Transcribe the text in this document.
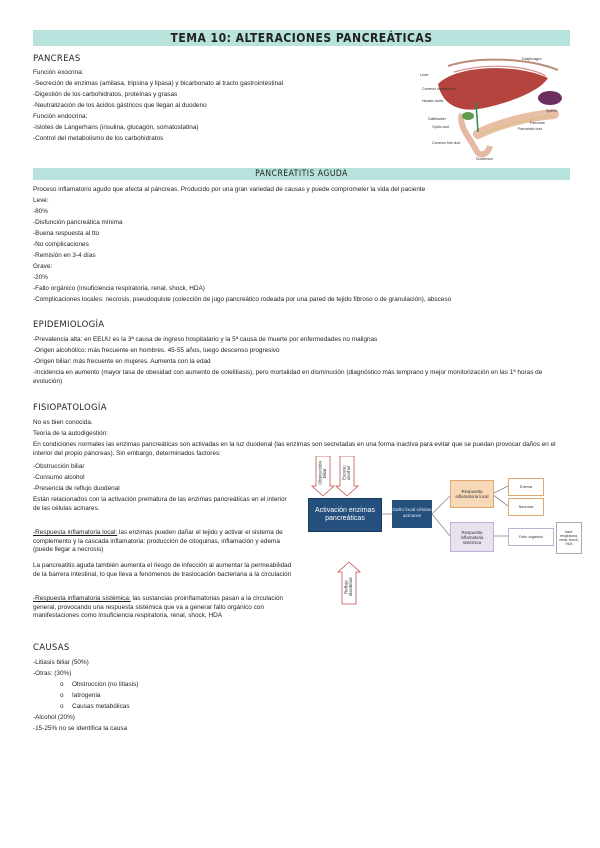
TEMA 10: ALTERACIONES PANCREÁTICAS
PANCREAS
Función exocrina:
-Secreción de enzimas (amilasa, tripsina y lipasa) y bicarbonato al tracto gastrointestinal
-Digestión de los carbohidratos, proteínas y grasas
-Neutralización de los ácidos gástricos que llegan al duodeno
Función endocrina:
-Islotes de Langerhans (insulina, glucagón, somatostatina)
-Control del metabolismo de los carbohidratos
Liver
Common hepatic duct
Hepatic ducts
Diaphragm
Spleen
Gallbladder
Cystic duct	Pancreatic duct
Common bile duct
Pancreas
Duodenum
PANCREATITIS AGUDA
Proceso inflamatorio agudo que afecta al páncreas. Producido por una gran variedad de causas y puede comprometer la vida del paciente
Leve:
-80%
-Disfunción pancreática mínima
-Buena respuesta al tto
-No complicaciones
-Remisión en 3-4 días
Grave:
-20%
-Fallo orgánico (insuficiencia respiratoria, renal, shock, HDA)
-Complicaciones locales: necrosis, pseudoquiste (colección de jugo pancreático rodeada por una pared de tejido fibroso o de granulación), absceso
EPIDEMIOLOGÍA
-Prevalencia alta: en EEUU es la 3ª causa de ingreso hospitalario y la 5ª causa de muerte por enfermedades no malignas
-Origen alcohólico: más frecuente en hombres. 45-55 años, luego descenso progresivo
-Origen biliar: más frecuente en mujeres. Aumenta con la edad
-Incidencia en aumento (mayor tasa de obesidad con aumento de colelitiasis), pero mortalidad en disminución (diagnóstico más temprano y mejor monitorización en las 1ª horas de evolución)
FISIOPATOLOGÍA
No es bien conocida.
Teoría de la autodigestión:
En condiciones normales las enzimas pancreáticas son activadas en la luz duodenal (las enzimas son secretadas en una forma inactiva para evitar que se puedan provocar daños en el interior del propio páncreas). Sin embargo, determinados factores:
-Obstrucción biliar
-Consumo alcohol
-Presencia de reflujo duodenal
Están relacionados con la activación prematura de las enzimas pancreáticas en el interior de las células acinares.
-Respuesta inflamatoria local: las enzimas pueden dañar el tejido y activar el sistema de complemento y la cascada inflamatoria: producción de citoquinas, inflamación y edema (puede llegar a necrosis)
La pancreatitis aguda también aumenta el riesgo de infección al aumentar la permeabilidad de la barrera intestinal, lo que lleva a fenómenos de traslocación bacteriana a la circulación
-Respuesta inflamatoria sistémica: las sustancias proinflamatorias pasan a la circulación general, provocando una respuesta sistémica que va a generar fallo orgánico con manifestaciones como insuficiencia respiratoria, renal, shock, HDA
Obstrucción biliar	Exceso alcohol
Reflujo duodenal
Activación enzimas pancreáticas
Daño local células acinares
Respuesta inflamatoria local
Respuesta inflamatoria sistémica
Edema
Necrosis
Fallo orgánico
Insuf. respiratoria, renal, shock, HDA
CAUSAS
-Litiasis biliar (50%)
-Otras: (30%)
o Obstrucción (no litiasis)
o Iatrogenia
o Causas metabólicas
-Alcohol (20%)
-15-25% no se identifica la causa
